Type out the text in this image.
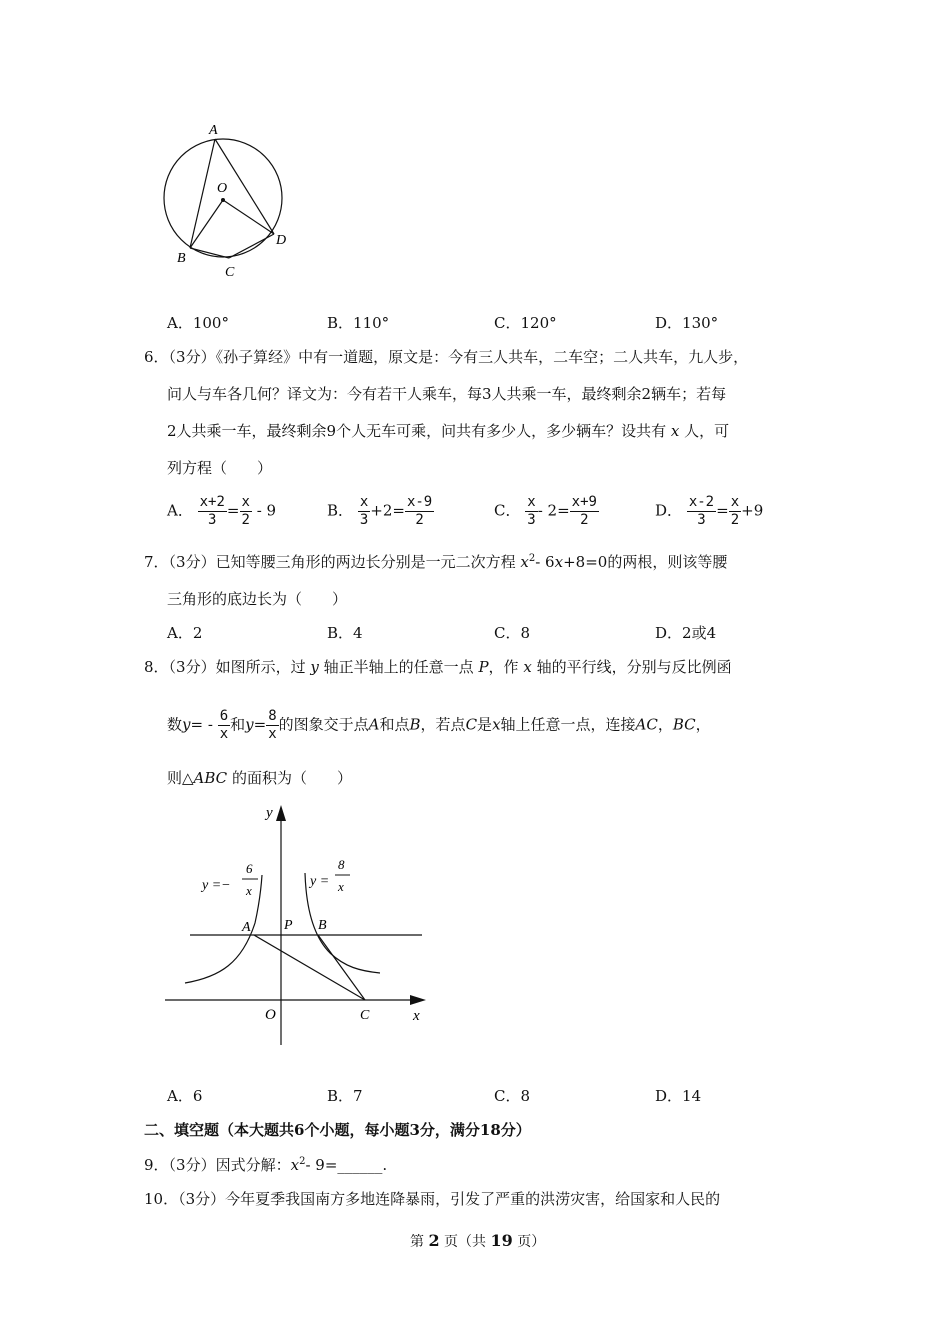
A
O
B
C
D
A．100°	B．110°	C．120°	D．130°
6．（3分）《孙子算经》中有一道题，原文是：今有三人共车，二车空；二人共车，九人步，
问人与车各几何？译文为：今有若干人乘车，每3人共乘一车，最终剩余2辆车；若每
2人共乘一车，最终剩余9个人无车可乘，问共有多少人，多少辆车？设共有 x 人，可
列方程（　　）
A． $\frac{x+2}{3} = \frac{x}{2} - 9$	B． $\frac{x}{3} +2= \frac{x-9}{2}$	C． $\frac{x}{3} - 2= \frac{x+9}{2}$	D． $\frac{x-2}{3} = \frac{x}{2} +9$
7．（3分）已知等腰三角形的两边长分别是一元二次方程 $x^2-$ 6x+8=0的两根，则该等腰
三角形的底边长为（　　）
A．2	B．4	C．8	D．2或4
8．（3分）如图所示，过 y 轴正半轴上的任意一点 P，作 x 轴的平行线，分别与反比例函
数$y= - \frac{6}{x}$ 和$y= \frac{8}{x}$ 的图象交于点A和点B，若点C是x轴上任意一点，连接AC，BC，
则△ABC 的面积为（　　）
y
x
O
A P B
C
y =−
6
x
y =
8
x
A．6	B．7	C．8	D．14
二、填空题（本大题共6个小题，每小题3分，满分18分）
9．（3分）因式分解：$x^2-$ 9=______.
10．（3分）今年夏季我国南方多地连降暴雨，引发了严重的洪涝灾害，给国家和人民的
第 2 页（共 19 页）
